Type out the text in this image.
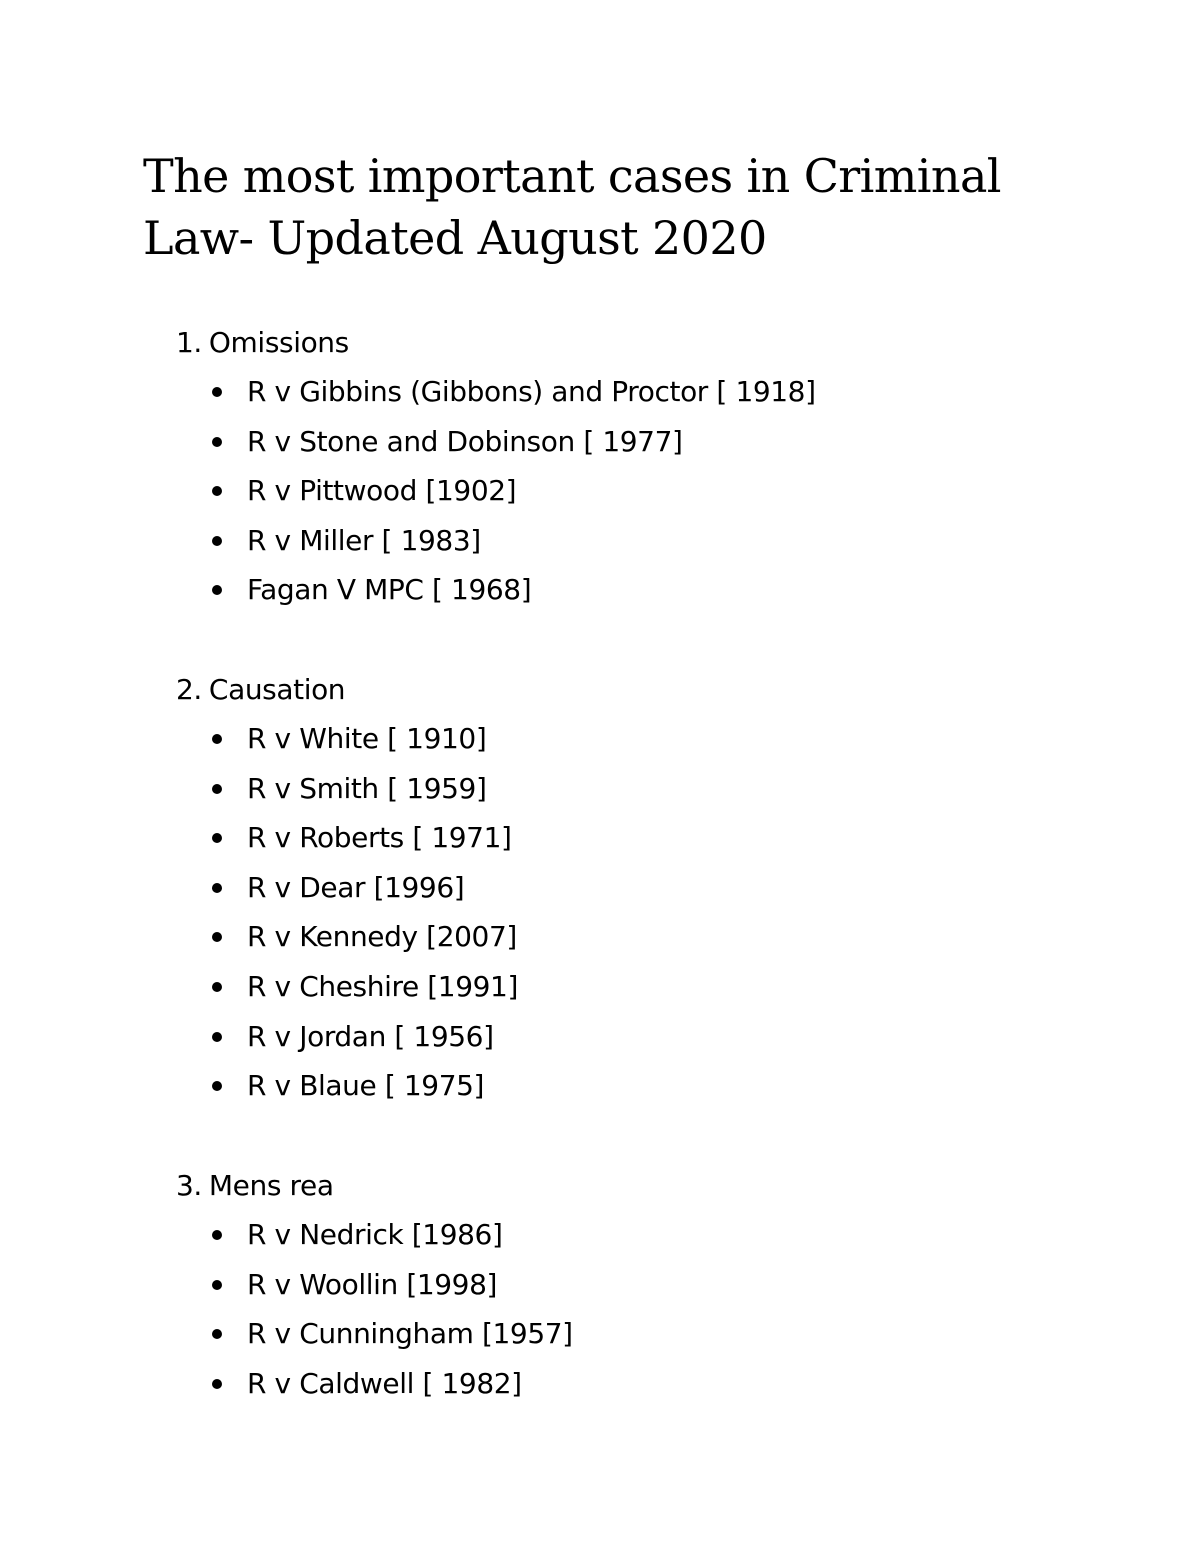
The most important cases in Criminal
Law- Updated August 2020
1. Omissions
R v Gibbins (Gibbons) and Proctor [ 1918]
R v Stone and Dobinson [ 1977]
R v Pittwood [1902]
R v Miller [ 1983]
Fagan V MPC [ 1968]
2. Causation
R v White [ 1910]
R v Smith [ 1959]
R v Roberts [ 1971]
R v Dear [1996]
R v Kennedy [2007]
R v Cheshire [1991]
R v Jordan [ 1956]
R v Blaue [ 1975]
3. Mens rea
R v Nedrick [1986]
R v Woollin [1998]
R v Cunningham [1957]
R v Caldwell [ 1982]
